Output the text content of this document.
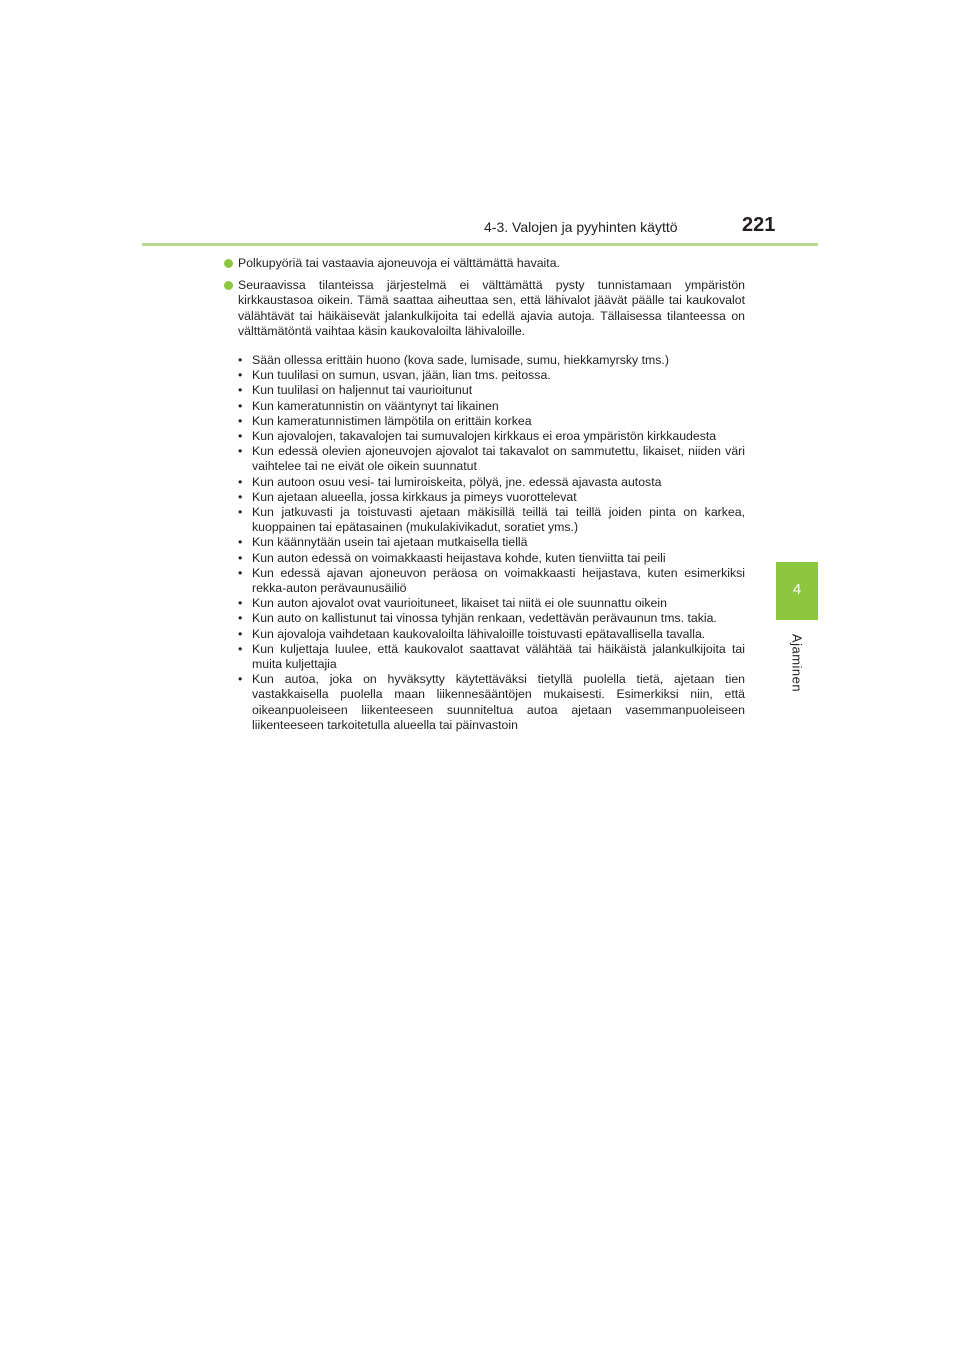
4-3. Valojen ja pyyhinten käyttö	221
4
Ajaminen
Polkupyöriä tai vastaavia ajoneuvoja ei välttämättä havaita.
Seuraavissa tilanteissa järjestelmä ei välttämättä pysty tunnistamaan ympäristön kirkkaustasoa oikein. Tämä saattaa aiheuttaa sen, että lähivalot jäävät päälle tai kaukovalot välähtävät tai häikäisevät jalankulkijoita tai edellä ajavia autoja. Tällaisessa tilanteessa on välttämätöntä vaihtaa käsin kaukovaloilta lähivaloille.
• Sään ollessa erittäin huono (kova sade, lumisade, sumu, hiekkamyrsky tms.)
• Kun tuulilasi on sumun, usvan, jään, lian tms. peitossa.
• Kun tuulilasi on haljennut tai vaurioitunut
• Kun kameratunnistin on vääntynyt tai likainen
• Kun kameratunnistimen lämpötila on erittäin korkea
• Kun ajovalojen, takavalojen tai sumuvalojen kirkkaus ei eroa ympäristön kirkkaudesta
• Kun edessä olevien ajoneuvojen ajovalot tai takavalot on sammutettu, likaiset, niiden väri vaihtelee tai ne eivät ole oikein suunnatut
• Kun autoon osuu vesi- tai lumiroiskeita, pölyä, jne. edessä ajavasta autosta
• Kun ajetaan alueella, jossa kirkkaus ja pimeys vuorottelevat
• Kun jatkuvasti ja toistuvasti ajetaan mäkisillä teillä tai teillä joiden pinta on karkea, kuoppainen tai epätasainen (mukulakivikadut, soratiet yms.)
• Kun käännytään usein tai ajetaan mutkaisella tiellä
• Kun auton edessä on voimakkaasti heijastava kohde, kuten tienviitta tai peili
• Kun edessä ajavan ajoneuvon peräosa on voimakkaasti heijastava, kuten esimerkiksi rekka-auton perävaunusäiliö
• Kun auton ajovalot ovat vaurioituneet, likaiset tai niitä ei ole suunnattu oikein
• Kun auto on kallistunut tai vinossa tyhjän renkaan, vedettävän perävaunun tms. takia.
• Kun ajovaloja vaihdetaan kaukovaloilta lähivaloille toistuvasti epätavallisella tavalla.
• Kun kuljettaja luulee, että kaukovalot saattavat välähtää tai häikäistä jalankulkijoita tai muita kuljettajia
• Kun autoa, joka on hyväksytty käytettäväksi tietyllä puolella tietä, ajetaan tien vastakkaisella puolella maan liikennesääntöjen mukaisesti. Esimerkiksi niin, että oikeanpuoleiseen liikenteeseen suunniteltua autoa ajetaan vasemmanpuoleiseen liikenteeseen tarkoitetulla alueella tai päinvastoin
